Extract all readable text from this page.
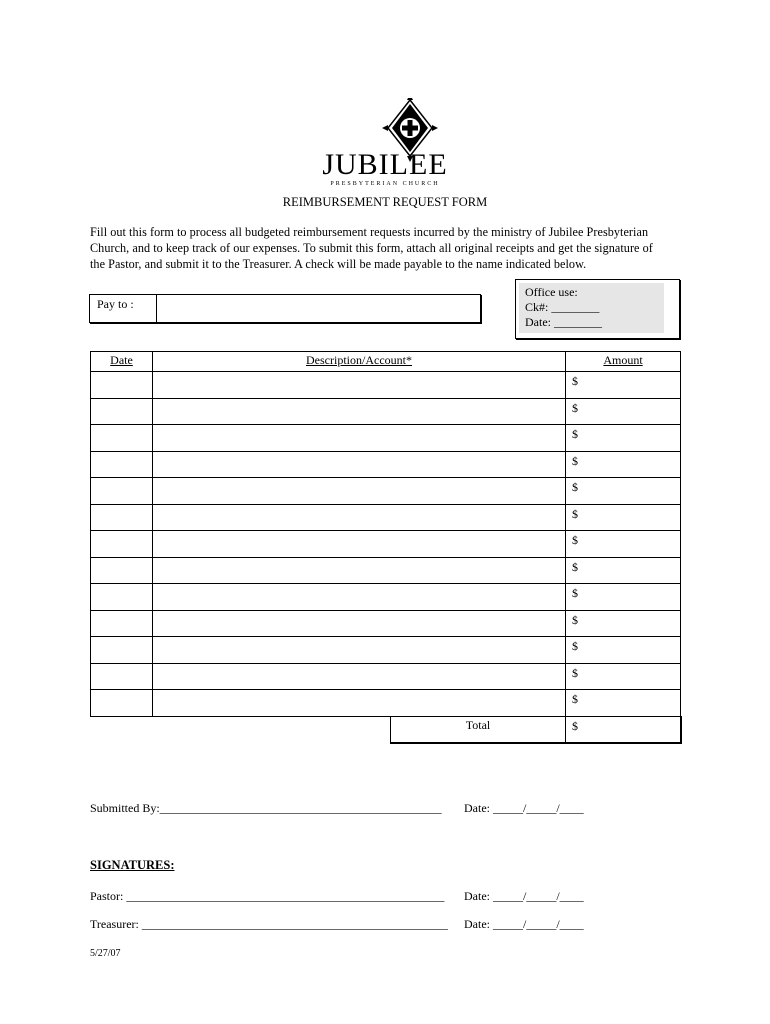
JUBILEE
PRESBYTERIAN CHURCH
REIMBURSEMENT REQUEST FORM

Fill out this form to process all budgeted reimbursement requests incurred by the ministry of Jubilee Presbyterian

Church, and to keep track of our expenses. To submit this form, attach all original receipts and get the signature of

the Pastor, and submit it to the Treasurer. A check will be made payable to the name indicated below.

Pay to :
Office use:
Ck#: ________
Date: ________
Date	Description/Account*		Amount
			$
			$
			$
			$
			$
			$
			$
			$
			$
			$
			$
			$
			$
		Total	$
Submitted By:_______________________________________________ Date: _____/_____/____
SIGNATURES:
Pastor: _____________________________________________________ Date: _____/_____/____
Treasurer: ___________________________________________________ Date: _____/_____/____
5/27/07
